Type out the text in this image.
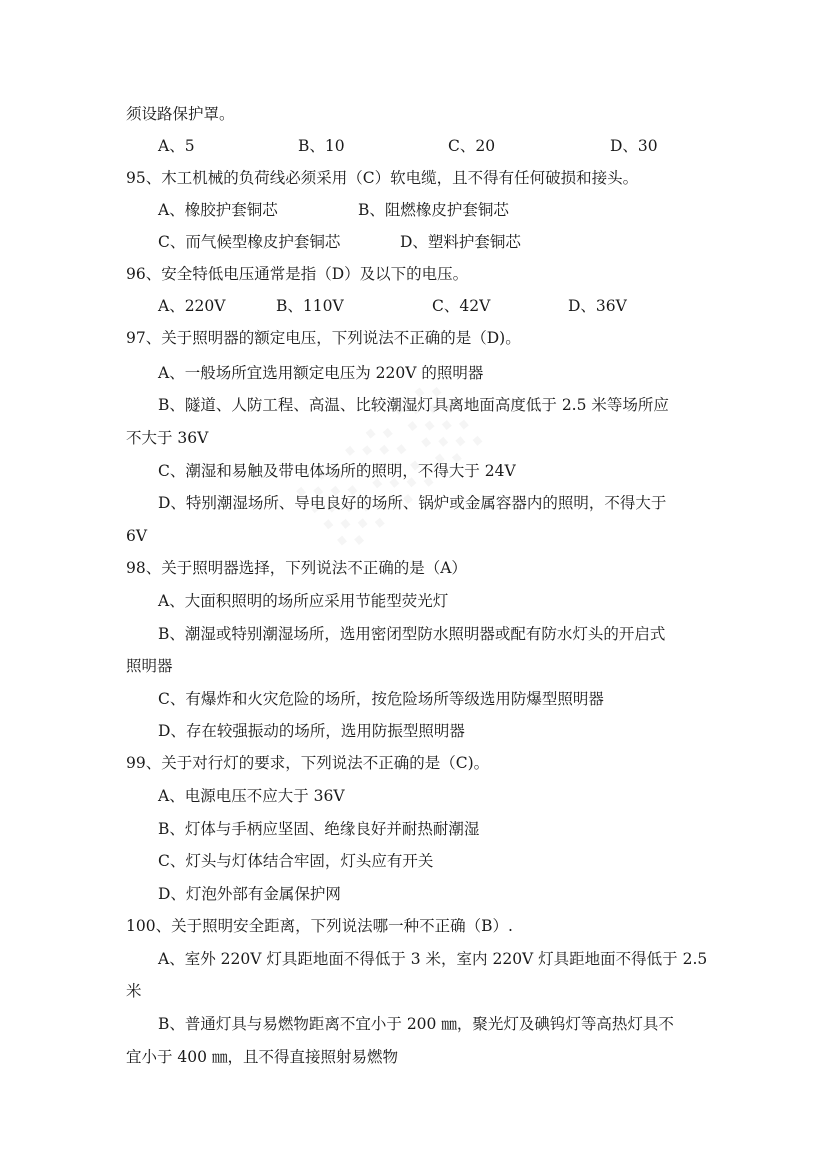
须设路保护罩。
A、5	B、10	C、20	D、30
95、木工机械的负荷线必须采用（C）软电缆，且不得有任何破损和接头。
A、橡胶护套铜芯	B、阻燃橡皮护套铜芯
C、而气候型橡皮护套铜芯	D、塑料护套铜芯
96、安全特低电压通常是指（D）及以下的电压。
A、220V	B、110V	C、42V	D、36V
97、关于照明器的额定电压，下列说法不正确的是（D)。
A、一般场所宜选用额定电压为 220V 的照明器
B、隧道、人防工程、高温、比较潮湿灯具离地面高度低于 2.5 米等场所应
不大于 36V
C、潮湿和易触及带电体场所的照明，不得大于 24V
D、特别潮湿场所、导电良好的场所、锅炉或金属容器内的照明，不得大于
6V
98、关于照明器选择，下列说法不正确的是（A）
A、大面积照明的场所应采用节能型荧光灯
B、潮湿或特别潮湿场所，选用密闭型防水照明器或配有防水灯头的开启式
照明器
C、有爆炸和火灾危险的场所，按危险场所等级选用防爆型照明器
D、存在较强振动的场所，选用防振型照明器
99、关于对行灯的要求，下列说法不正确的是（C)。
A、电源电压不应大于 36V
B、灯体与手柄应坚固、绝缘良好并耐热耐潮湿
C、灯头与灯体结合牢固，灯头应有开关
D、灯泡外部有金属保护网
100、关于照明安全距离，下列说法哪一种不正确（B）.
A、室外 220V 灯具距地面不得低于 3 米，室内 220V 灯具距地面不得低于 2.5
米
B、普通灯具与易燃物距离不宜小于 200 ㎜，聚光灯及碘钨灯等高热灯具不
宜小于 400 ㎜，且不得直接照射易燃物
